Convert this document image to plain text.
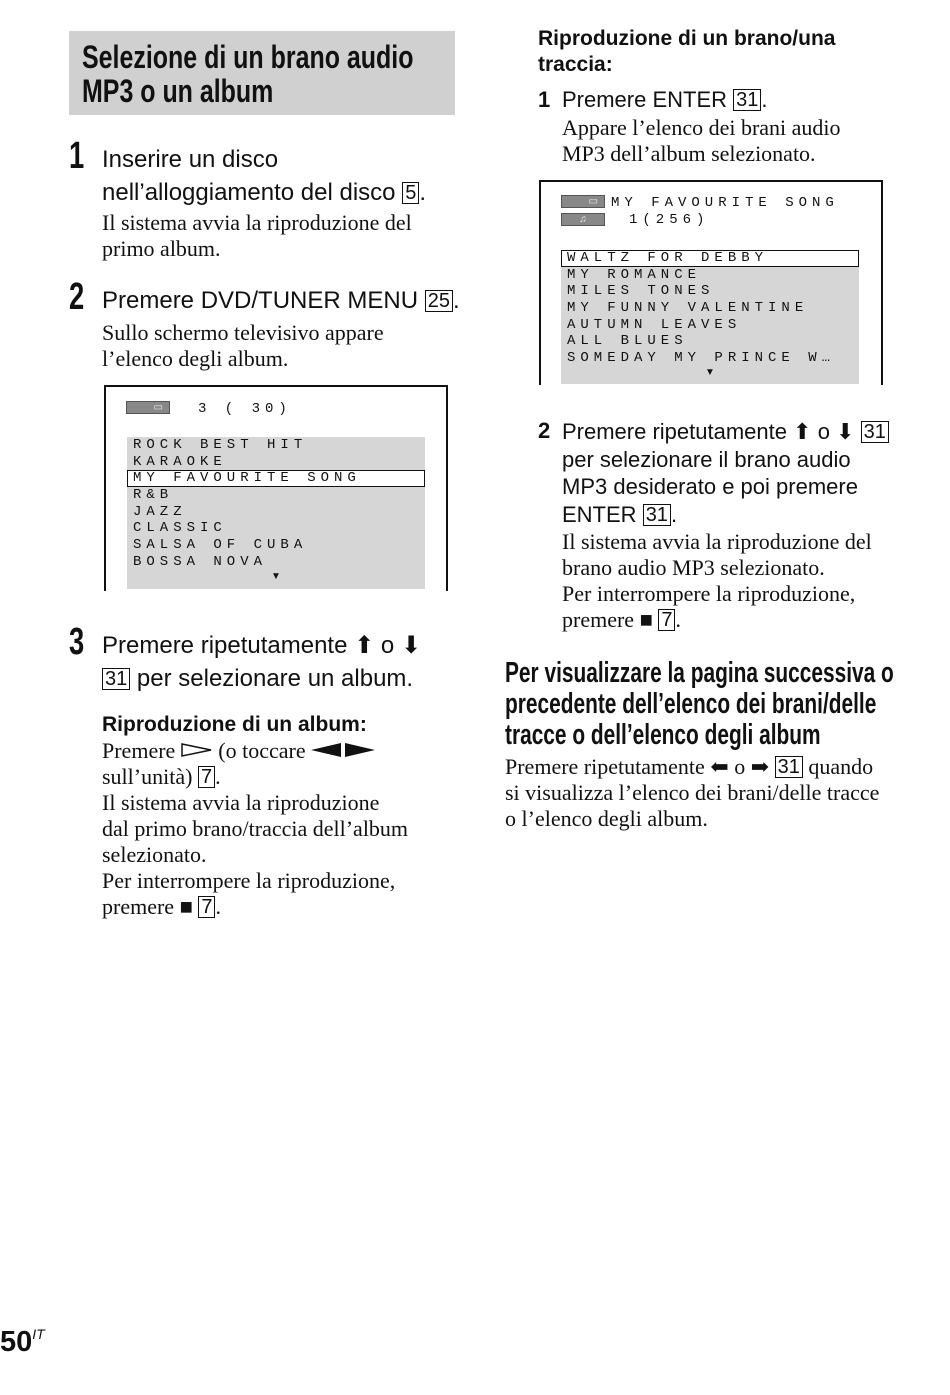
Selezione di un brano audio
MP3 o un album
1 Inserire un disco
nell’alloggiamento del disco 5 .
Il sistema avvia la riproduzione del
primo album.
2 Premere DVD/TUNER MENU 25 .
Sullo schermo televisivo appare
l’elenco degli album.
▭	3 ( 30)
ROCK BEST HIT
KARAOKE
MY FAVOURITE SONG
R&B
JAZZ
CLASSIC
SALSA OF CUBA
BOSSA NOVA
▼
3 Premere ripetutamente ⬆ o ⬇
31 per selezionare un album.
Riproduzione di un album:
Premere (o toccare
sull’unità) 7 .
Il sistema avvia la riproduzione
dal primo brano/traccia dell’album
selezionato.
Per interrompere la riproduzione,
premere ■ 7 .
Riproduzione di un brano/una
traccia:
1 Premere ENTER 31 .
Appare l’elenco dei brani audio
MP3 dell’album selezionato.
▭ MY FAVOURITE SONG
♫	1(256)
WALTZ FOR DEBBY
MY ROMANCE
MILES TONES
MY FUNNY VALENTINE
AUTUMN LEAVES
ALL BLUES
SOMEDAY MY PRINCE W…
▼
2 Premere ripetutamente ⬆ o ⬇ 31
per selezionare il brano audio
MP3 desiderato e poi premere
ENTER 31 .
Il sistema avvia la riproduzione del
brano audio MP3 selezionato.
Per interrompere la riproduzione,
premere ■ 7 .
Per visualizzare la pagina successiva o
precedente dell’elenco dei brani/delle
tracce o dell’elenco degli album
Premere ripetutamente ⬅ o ➡ 31 quando
si visualizza l’elenco dei brani/delle tracce
o l’elenco degli album.
$50^{IT}$
